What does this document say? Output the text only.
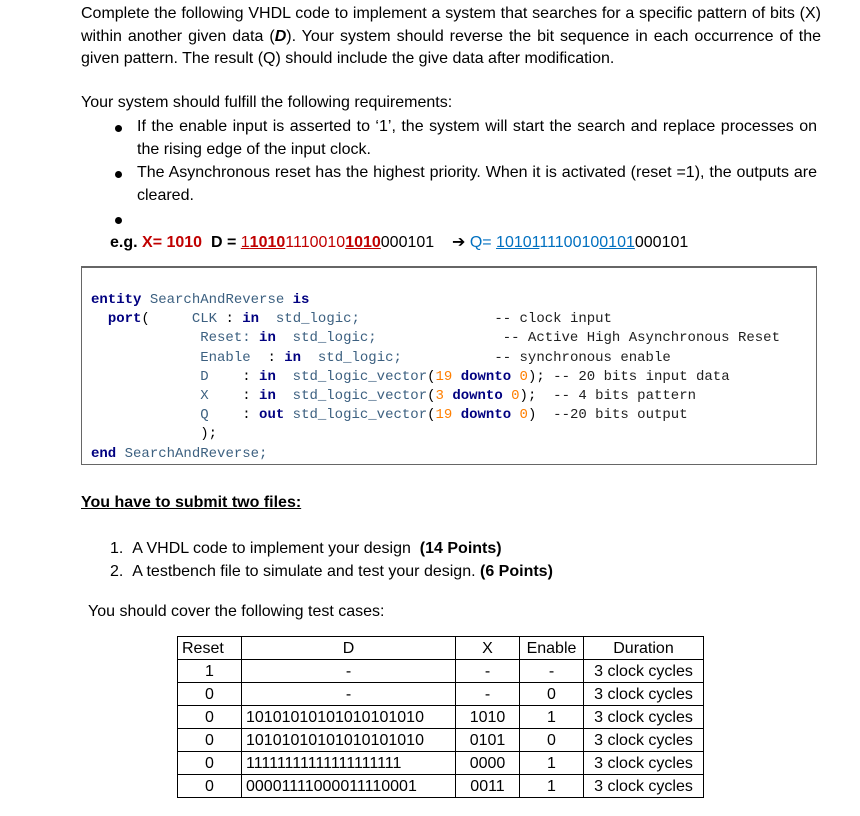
Complete the following VHDL code to implement a system that searches for a specific pattern of bits (X) within another given data (D). Your system should reverse the bit sequence in each occurrence of the given pattern. The result (Q) should include the give data after modification.
Your system should fulfill the following requirements:
If the enable input is asserted to ‘1’, the system will start the search and replace processes on the rising edge of the input clock.
The Asynchronous reset has the highest priority. When it is activated (reset =1), the outputs are cleared.
e.g. X= 1010 D = 1101011100101010000101 ➔ Q= 1010111100100101000101
entity SearchAndReverse is
port(	CLK : in std_logic;	-- clock input
Reset: in std_logic;	-- Active High Asynchronous Reset
Enable : in std_logic;	-- synchronous enable
D : in std_logic_vector(19 downto 0); -- 20 bits input data
X : in std_logic_vector(3 downto 0); -- 4 bits pattern
Q : out std_logic_vector(19 downto 0) --20 bits output
);
end SearchAndReverse;
You have to submit two files:
1. A VHDL code to implement your design (14 Points)
2. A testbench file to simulate and test your design. (6 Points)
You should cover the following test cases:
Reset	D	X	Enable	Duration
1	-	-	-	3 clock cycles
0	-	-	0	3 clock cycles
0	10101010101010101010	1010	1	3 clock cycles
0	10101010101010101010	0101	0	3 clock cycles
0	11111111111111111111	0000	1	3 clock cycles
0	00001111000011110001	0011	1	3 clock cycles
